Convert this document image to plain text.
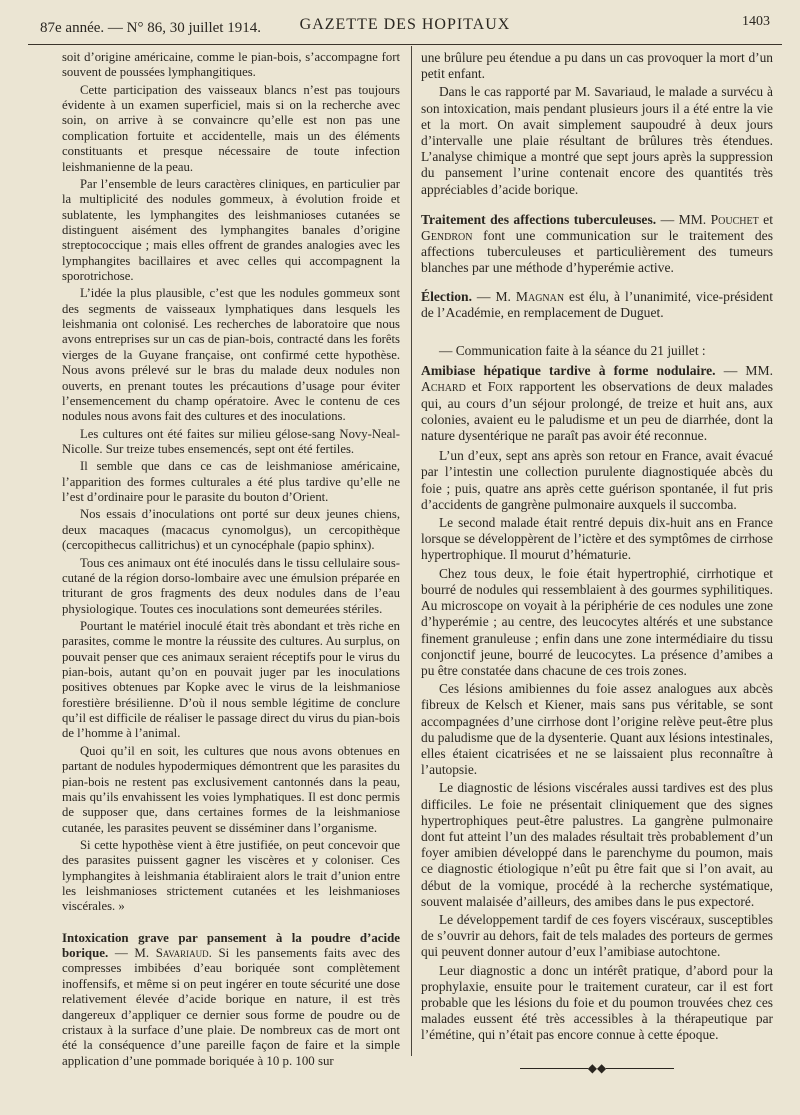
87e année. — N° 86, 30 juillet 1914.	GAZETTE DES HOPITAUX	1403

soit d’origine américaine, comme le pian-bois, s’accompagne fort souvent de poussées lymphangitiques.

Cette participation des vaisseaux blancs n’est pas toujours évidente à un examen superficiel, mais si on la recherche avec soin, on arrive à se convaincre qu’elle est non pas une complication fortuite et accidentelle, mais un des éléments constituants et presque nécessaire de toute infection leishmanienne de la peau.

Par l’ensemble de leurs caractères cliniques, en particulier par la multiplicité des nodules gommeux, à évolution froide et sublatente, les lymphangites des leishmanioses cutanées se distinguent aisément des lymphangites banales d’origine streptococcique ; mais elles offrent de grandes analogies avec les lymphangites bacillaires et avec celles qui accompagnent la sporotrichose.

L’idée la plus plausible, c’est que les nodules gommeux sont des segments de vaisseaux lymphatiques dans lesquels les leishmania ont colonisé. Les recherches de laboratoire que nous avons entreprises sur un cas de pian-bois, contracté dans les forêts vierges de la Guyane française, ont confirmé cette hypothèse. Nous avons prélevé sur le bras du malade deux nodules non ouverts, en prenant toutes les précautions d’usage pour éviter l’ensemencement du champ opératoire. Avec le contenu de ces nodules nous avons fait des cultures et des inoculations.

Les cultures ont été faites sur milieu gélose-sang Novy-Neal-Nicolle. Sur treize tubes ensemencés, sept ont été fertiles.

Il semble que dans ce cas de leishmaniose américaine, l’apparition des formes culturales a été plus tardive qu’elle ne l’est d’ordinaire pour le parasite du bouton d’Orient.

Nos essais d’inoculations ont porté sur deux jeunes chiens, deux macaques (macacus cynomolgus), un cercopithèque (cercopithecus callitrichus) et un cynocéphale (papio sphinx).

Tous ces animaux ont été inoculés dans le tissu cellulaire sous-cutané de la région dorso-lombaire avec une émulsion préparée en triturant de gros fragments des deux nodules dans de l’eau physiologique. Toutes ces inoculations sont demeurées stériles.

Pourtant le matériel inoculé était très abondant et très riche en parasites, comme le montre la réussite des cultures. Au surplus, on pouvait penser que ces animaux seraient réceptifs pour le virus du pian-bois, autant qu’on en pouvait juger par les inoculations positives obtenues par Kopke avec le virus de la leishmaniose forestière brésilienne. D’où il nous semble légitime de conclure qu’il est difficile de réaliser le passage direct du virus du pian-bois de l’homme à l’animal.

Quoi qu’il en soit, les cultures que nous avons obtenues en partant de nodules hypodermiques démontrent que les parasites du pian-bois ne restent pas exclusivement cantonnés dans la peau, mais qu’ils envahissent les voies lymphatiques. Il est donc permis de supposer que, dans certaines formes de la leishmaniose cutanée, les parasites peuvent se disséminer dans l’organisme.

Si cette hypothèse vient à être justifiée, on peut concevoir que des parasites puissent gagner les viscères et y coloniser. Ces lymphangites à leishmania établiraient alors le trait d’union entre les leishmanioses strictement cutanées et les leishmanioses viscérales. »

Intoxication grave par pansement à la poudre d’acide borique. — M. Savariaud. Si les pansements faits avec des compresses imbibées d’eau boriquée sont complètement inoffensifs, et même si on peut ingérer en toute sécurité une dose relativement élevée d’acide borique en nature, il est très dangereux d’appliquer ce dernier sous forme de poudre ou de cristaux à la surface d’une plaie. De nombreux cas de mort ont été la conséquence d’une pareille façon de faire et la simple application d’une pommade boriquée à 10 p. 100 sur

une brûlure peu étendue a pu dans un cas provoquer la mort d’un petit enfant.

Dans le cas rapporté par M. Savariaud, le malade a survécu à son intoxication, mais pendant plusieurs jours il a été entre la vie et la mort. On avait simplement saupoudré à deux jours d’intervalle une plaie résultant de brûlures très étendues. L’analyse chimique a montré que sept jours après la suppression du pansement l’urine contenait encore des quantités très appréciables d’acide borique.

Traitement des affections tuberculeuses. — MM. Pouchet et Gendron font une communication sur le traitement des affections tuberculeuses et particulièrement des tumeurs blanches par une méthode d’hyperémie active.
Élection. — M. Magnan est élu, à l’unanimité, vice-président de l’Académie, en remplacement de Duguet.

— Communication faite à la séance du 21 juillet :

Amibiase hépatique tardive à forme nodulaire. — MM. Achard et Foix rapportent les observations de deux malades qui, au cours d’un séjour prolongé, de treize et huit ans, aux colonies, avaient eu le paludisme et un peu de diarrhée, dont la nature dysentérique ne paraît pas avoir été reconnue.

L’un d’eux, sept ans après son retour en France, avait évacué par l’intestin une collection purulente diagnostiquée abcès du foie ; puis, quatre ans après cette guérison spontanée, il fut pris d’accidents de gangrène pulmonaire auxquels il succomba.

Le second malade était rentré depuis dix-huit ans en France lorsque se développèrent de l’ictère et des symptômes de cirrhose hypertrophique. Il mourut d’hématurie.

Chez tous deux, le foie était hypertrophié, cirrhotique et bourré de nodules qui ressemblaient à des gourmes syphilitiques. Au microscope on voyait à la périphérie de ces nodules une zone d’hyperémie ; au centre, des leucocytes altérés et une substance finement granuleuse ; enfin dans une zone intermédiaire du tissu conjonctif jeune, bourré de leucocytes. La présence d’amibes a pu être constatée dans chacune de ces trois zones.

Ces lésions amibiennes du foie assez analogues aux abcès fibreux de Kelsch et Kiener, mais sans pus véritable, se sont accompagnées d’une cirrhose dont l’origine relève peut-être plus du paludisme que de la dysenterie. Quant aux lésions intestinales, elles étaient cicatrisées et ne se laissaient plus reconnaître à l’autopsie.

Le diagnostic de lésions viscérales aussi tardives est des plus difficiles. Le foie ne présentait cliniquement que des signes hypertrophiques peut-être palustres. La gangrène pulmonaire dont fut atteint l’un des malades résultait très probablement d’un foyer amibien développé dans le parenchyme du poumon, mais ce diagnostic étiologique n’eût pu être fait que si l’on avait, au début de la vomique, procédé à la recherche systématique, souvent malaisée d’ailleurs, des amibes dans le pus expectoré.

Le développement tardif de ces foyers viscéraux, susceptibles de s’ouvrir au dehors, fait de tels malades des porteurs de germes qui peuvent donner autour d’eux l’amibiase autochtone.

Leur diagnostic a donc un intérêt pratique, d’abord pour la prophylaxie, ensuite pour le traitement curateur, car il est fort probable que les lésions du foie et du poumon trouvées chez ces malades eussent été très accessibles à la thérapeutique par l’émétine, qui n’était pas encore connue à cette époque.

◆◆
